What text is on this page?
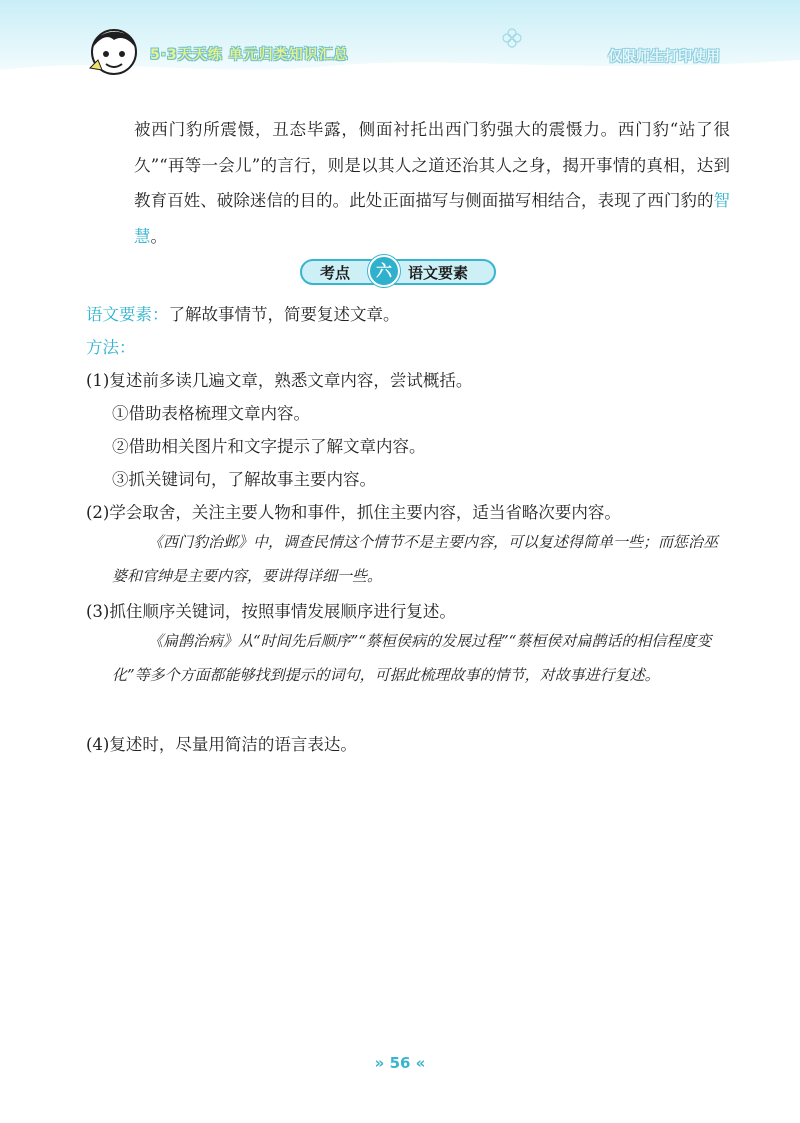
5·3天天练 单元归类知识汇总	仅限师生打印使用
被西门豹所震慑，丑态毕露，侧面衬托出西门豹强大的震慑力。西门豹“站了很久”“再等一会儿”的言行，则是以其人之道还治其人之身，揭开事情的真相，达到教育百姓、破除迷信的目的。此处正面描写与侧面描写相结合，表现了西门豹的智慧。
考点	六	语文要素
语文要素：了解故事情节，简要复述文章。
方法：
(1)复述前多读几遍文章，熟悉文章内容，尝试概括。
①借助表格梳理文章内容。
②借助相关图片和文字提示了解文章内容。
③抓关键词句，了解故事主要内容。
(2)学会取舍，关注主要人物和事件，抓住主要内容，适当省略次要内容。
《西门豹治邺》中，调查民情这个情节不是主要内容，可以复述得简单一些；而惩治巫婆和官绅是主要内容，要讲得详细一些。
(3)抓住顺序关键词，按照事情发展顺序进行复述。
《扁鹊治病》从“时间先后顺序”“蔡桓侯病的发展过程”“蔡桓侯对扁鹊话的相信程度变化”等多个方面都能够找到提示的词句，可据此梳理故事的情节，对故事进行复述。
(4)复述时，尽量用简洁的语言表达。
» 56 «
